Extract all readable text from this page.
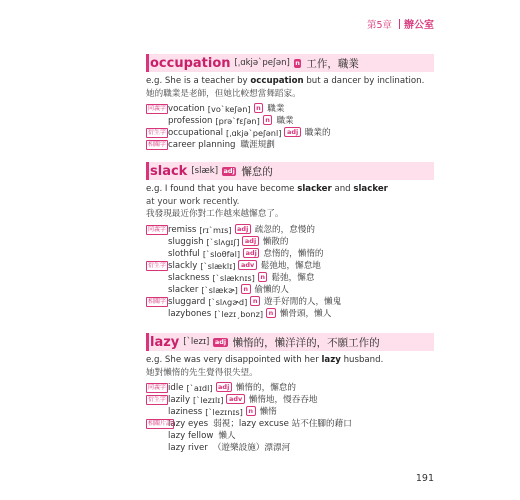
第5章 辦公室
occupation [ˌɑkjəˋpeʃən] n 工作，職業
e.g. She is a teacher by occupation but a dancer by inclination.
她的職業是老師，但她比較想當舞蹈家。
同義字 vocation [voˋkeʃən] n 職業
profession [prəˋfɛʃən] n 職業
衍生字 occupational [ˌɑkjəˋpeʃənl] adj 職業的
相關字 career planning 職涯規劃
slack [slæk] adj 懈怠的
e.g. I found that you have become slacker and slacker
at your work recently.
我發現最近你對工作越來越懈怠了。
同義字 remiss [rɪˋmɪs] adj 疏忽的，怠慢的
sluggish [ˋslʌgɪʃ] adj 懶散的
slothful [ˋsloθfəl] adj 怠惰的，懶惰的
衍生字 slackly [ˋslæklɪ] adv 鬆弛地，懈怠地
slackness [ˋslæknɪs] n 鬆弛，懈怠
slacker [ˋslækɚ] n 偷懶的人
相關字 sluggard [ˋslʌgɚd] n 遊手好閒的人，懶鬼
lazybones [ˋlezɪˏbonz] n 懶骨頭，懶人
lazy [ˋlezɪ] adj 懶惰的，懶洋洋的，不願工作的
e.g. She was very disappointed with her lazy husband.
她對懶惰的先生覺得很失望。
同義字 idle [ˋaɪdl] adj 懶惰的，懈怠的
衍生字 lazily [ˋlezɪlɪ] adv 懶惰地，慢吞吞地
laziness [ˋlezɪnɪs] n 懶惰
相關片語
lazy eyes 弱視；lazy excuse 站不住腳的藉口
lazy fellow 懶人
lazy river （遊樂設施）漂漂河
191
